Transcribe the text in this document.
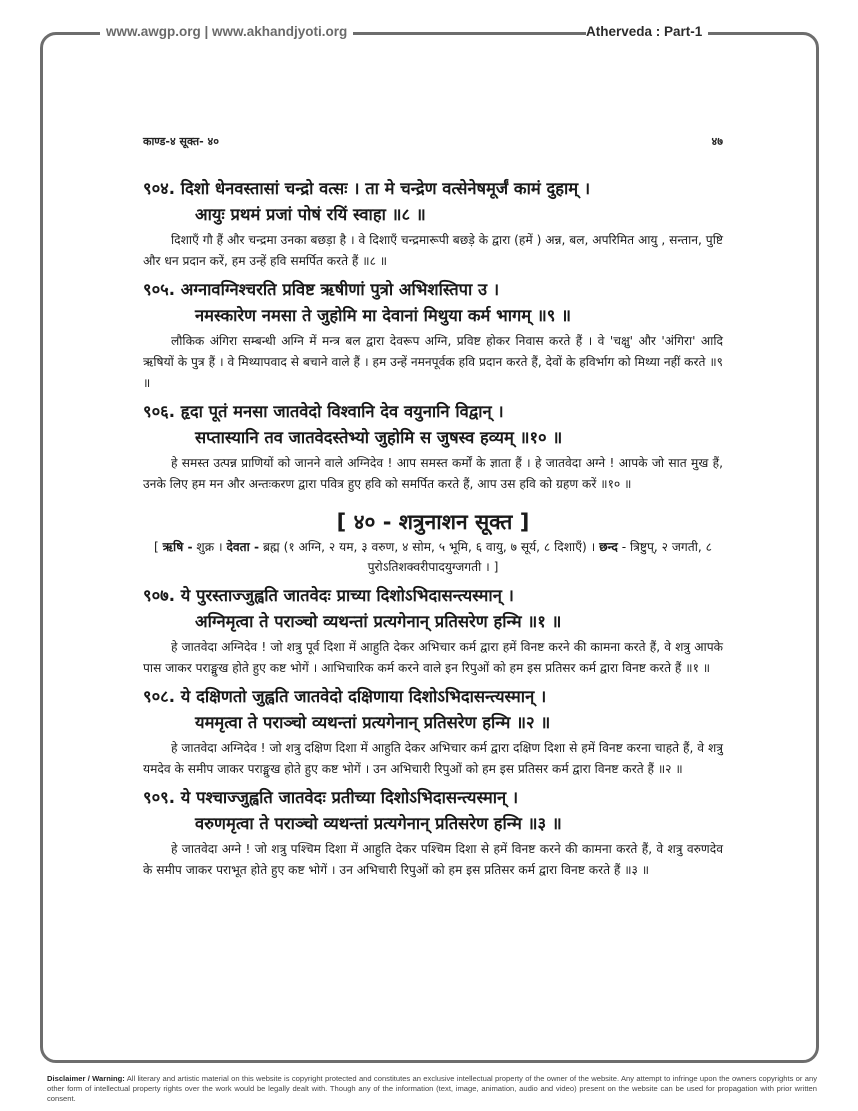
www.awgp.org | www.akhandjyoti.org	Atherveda : Part-1
काण्ड-४ सूक्त- ४०	४७
९०४. दिशो धेनवस्तासां चन्द्रो वत्सः । ता मे चन्द्रेण वत्सेनेषमूर्जं कामं दुहाम् ।
आयुः प्रथमं प्रजां पोषं रयिं स्वाहा ॥८ ॥
दिशाएँ गौ हैं और चन्द्रमा उनका बछड़ा है । वे दिशाएँ चन्द्रमारूपी बछड़े के द्वारा (हमें ) अन्न, बल, अपरिमित आयु , सन्तान, पुष्टि और धन प्रदान करें, हम उन्हें हवि समर्पित करते हैं ॥८ ॥
९०५. अग्नावग्निश्चरति प्रविष्ट ऋषीणां पुत्रो अभिशस्तिपा उ ।
नमस्कारेण नमसा ते जुहोमि मा देवानां मिथुया कर्म भागम् ॥९ ॥
लौकिक अंगिरा सम्बन्धी अग्नि में मन्त्र बल द्वारा देवरूप अग्नि, प्रविष्ट होकर निवास करते हैं । वे 'चक्षु' और 'अंगिरा' आदि ऋषियों के पुत्र हैं । वे मिथ्यापवाद से बचाने वाले हैं । हम उन्हें नमनपूर्वक हवि प्रदान करते हैं, देवों के हविर्भाग को मिथ्या नहीं करते ॥९ ॥
९०६. हृदा पूतं मनसा जातवेदो विश्वानि देव वयुनानि विद्वान् ।
सप्तास्यानि तव जातवेदस्तेभ्यो जुहोमि स जुषस्व हव्यम् ॥१० ॥
हे समस्त उत्पन्न प्राणियों को जानने वाले अग्निदेव ! आप समस्त कर्मों के ज्ञाता हैं । हे जातवेदा अग्ने ! आपके जो सात मुख हैं, उनके लिए हम मन और अन्तःकरण द्वारा पवित्र हुए हवि को समर्पित करते हैं, आप उस हवि को ग्रहण करें ॥१० ॥
[ ४० - शत्रुनाशन सूक्त ]
[ ऋषि - शुक्र । देवता - ब्रह्म (१ अग्नि, २ यम, ३ वरुण, ४ सोम, ५ भूमि, ६ वायु, ७ सूर्य, ८ दिशाएँ) । छन्द - त्रिष्टुप्, २ जगती, ८ पुरोऽतिशक्वरीपादयुग्जगती । ]
९०७. ये पुरस्ताज्जुह्वति जातवेदः प्राच्या दिशोऽभिदासन्त्यस्मान् ।
अग्निमृत्वा ते पराञ्चो व्यथन्तां प्रत्यगेनान् प्रतिसरेण हन्मि ॥१ ॥
हे जातवेदा अग्निदेव ! जो शत्रु पूर्व दिशा में आहुति देकर अभिचार कर्म द्वारा हमें विनष्ट करने की कामना करते हैं, वे शत्रु आपके पास जाकर पराङ्मुख होते हुए कष्ट भोगें । आभिचारिक कर्म करने वाले इन रिपुओं को हम इस प्रतिसर कर्म द्वारा विनष्ट करते हैं ॥१ ॥
९०८. ये दक्षिणतो जुह्वति जातवेदो दक्षिणाया दिशोऽभिदासन्त्यस्मान् ।
यममृत्वा ते पराञ्चो व्यथन्तां प्रत्यगेनान् प्रतिसरेण हन्मि ॥२ ॥
हे जातवेदा अग्निदेव ! जो शत्रु दक्षिण दिशा में आहुति देकर अभिचार कर्म द्वारा दक्षिण दिशा से हमें विनष्ट करना चाहते हैं, वे शत्रु यमदेव के समीप जाकर पराङ्मुख होते हुए कष्ट भोगें । उन अभिचारी रिपुओं को हम इस प्रतिसर कर्म द्वारा विनष्ट करते हैं ॥२ ॥
९०९. ये पश्चाज्जुह्वति जातवेदः प्रतीच्या दिशोऽभिदासन्त्यस्मान् ।
वरुणमृत्वा ते पराञ्चो व्यथन्तां प्रत्यगेनान् प्रतिसरेण हन्मि ॥३ ॥
हे जातवेदा अग्ने ! जो शत्रु पश्चिम दिशा में आहुति देकर पश्चिम दिशा से हमें विनष्ट करने की कामना करते हैं, वे शत्रु वरुणदेव के समीप जाकर पराभूत होते हुए कष्ट भोगें । उन अभिचारी रिपुओं को हम इस प्रतिसर कर्म द्वारा विनष्ट करते हैं ॥३ ॥
Disclaimer / Warning: All literary and artistic material on this website is copyright protected and constitutes an exclusive intellectual property of the owner of the website. Any attempt to infringe upon the owners copyrights or any other form of intellectual property rights over the work would be legally dealt with. Though any of the information (text, image, animation, audio and video) present on the website can be used for propagation with prior written consent.
